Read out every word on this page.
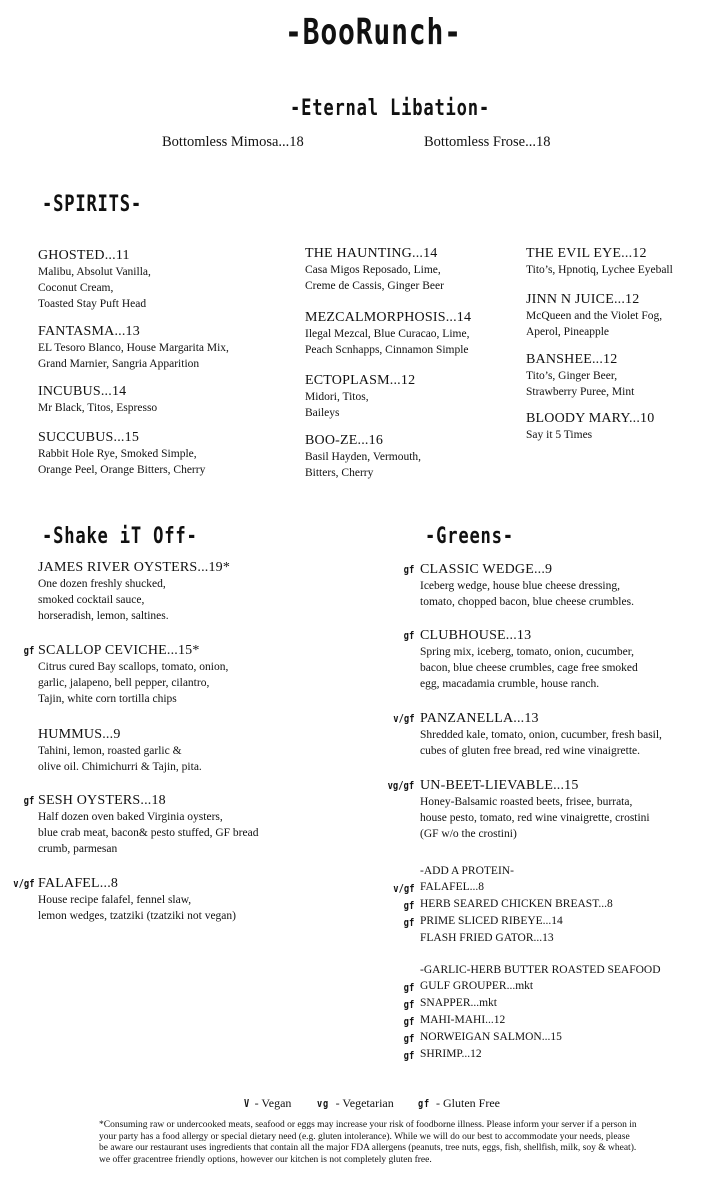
-BooRunch-
-Eternal Libation-
Bottomless Mimosa...18	Bottomless Frose...18
-SPIRITS-
GHOSTED...11
Malibu, Absolut Vanilla,
Coconut Cream,
Toasted Stay Puft Head
FANTASMA...13
EL Tesoro Blanco, House Margarita Mix,
Grand Marnier, Sangria Apparition
INCUBUS...14
Mr Black, Titos, Espresso
SUCCUBUS...15
Rabbit Hole Rye, Smoked Simple,
Orange Peel, Orange Bitters, Cherry
THE HAUNTING...14
Casa Migos Reposado, Lime,
Creme de Cassis, Ginger Beer
MEZCALMORPHOSIS...14
Ilegal Mezcal, Blue Curacao, Lime,
Peach Scnhapps, Cinnamon Simple
ECTOPLASM...12
Midori, Titos,
Baileys
BOO-ZE...16
Basil Hayden, Vermouth,
Bitters, Cherry
THE EVIL EYE...12
Tito’s, Hpnotiq, Lychee Eyeball
JINN N JUICE...12
McQueen and the Violet Fog,
Aperol, Pineapple
BANSHEE...12
Tito’s, Ginger Beer,
Strawberry Puree, Mint
BLOODY MARY...10
Say it 5 Times
-Shake iT Off-
JAMES RIVER OYSTERS...19*
One dozen freshly shucked,
smoked cocktail sauce,
horseradish, lemon, saltines.
gf SCALLOP CEVICHE...15*
Citrus cured Bay scallops, tomato, onion,
garlic, jalapeno, bell pepper, cilantro,
Tajin, white corn tortilla chips
HUMMUS...9
Tahini, lemon, roasted garlic &
olive oil. Chimichurri & Tajin, pita.
gf SESH OYSTERS...18
Half dozen oven baked Virginia oysters,
blue crab meat, bacon& pesto stuffed, GF bread
crumb, parmesan
v/gf FALAFEL...8
House recipe falafel, fennel slaw,
lemon wedges, tzatziki (tzatziki not vegan)
-Greens-
gf CLASSIC WEDGE...9
Iceberg wedge, house blue cheese dressing,
tomato, chopped bacon, blue cheese crumbles.
gf CLUBHOUSE...13
Spring mix, iceberg, tomato, onion, cucumber,
bacon, blue cheese crumbles, cage free smoked
egg, macadamia crumble, house ranch.
v/gf PANZANELLA...13
Shredded kale, tomato, onion, cucumber, fresh basil,
cubes of gluten free bread, red wine vinaigrette.
vg/gf UN-BEET-LIEVABLE...15
Honey-Balsamic roasted beets, frisee, burrata,
house pesto, tomato, red wine vinaigrette, crostini
(GF w/o the crostini)
-ADD A PROTEIN-
v/gf FALAFEL...8
gf HERB SEARED CHICKEN BREAST...8
gf PRIME SLICED RIBEYE...14
FLASH FRIED GATOR...13
-GARLIC-HERB BUTTER ROASTED SEAFOOD
gf GULF GROUPER...mkt
gf SNAPPER...mkt
gf MAHI-MAHI...12
gf NORWEIGAN SALMON...15
gf SHRIMP...12
V - Vegan vg - Vegetarian gf - Gluten Free
*Consuming raw or undercooked meats, seafood or eggs may increase your risk of foodborne illness. Please inform your server if a person in your party has a food allergy or special dietary need (e.g. gluten intolerance). While we will do our best to accommodate your needs, please be aware our restaurant uses ingredients that contain all the major FDA allergens (peanuts, tree nuts, eggs, fish, shellfish, milk, soy & wheat). we offer gracentree friendly options, however our kitchen is not completely gluten free.
